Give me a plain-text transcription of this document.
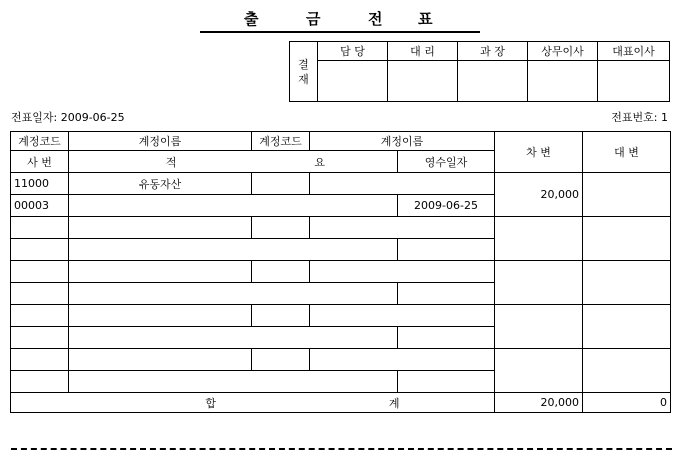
출	금	전 표
결
재	담 당	대 리	과 장	상무이사	대표이사

전표일자: 2009-06-25	전표번호: 1
계정코드	계정이름	계정코드	계정이름		차 변	대 변
사 번	적 요			영수일자		
11000	유동자산				20,000	
00003				2009-06-25		

합 계					20,000	0
